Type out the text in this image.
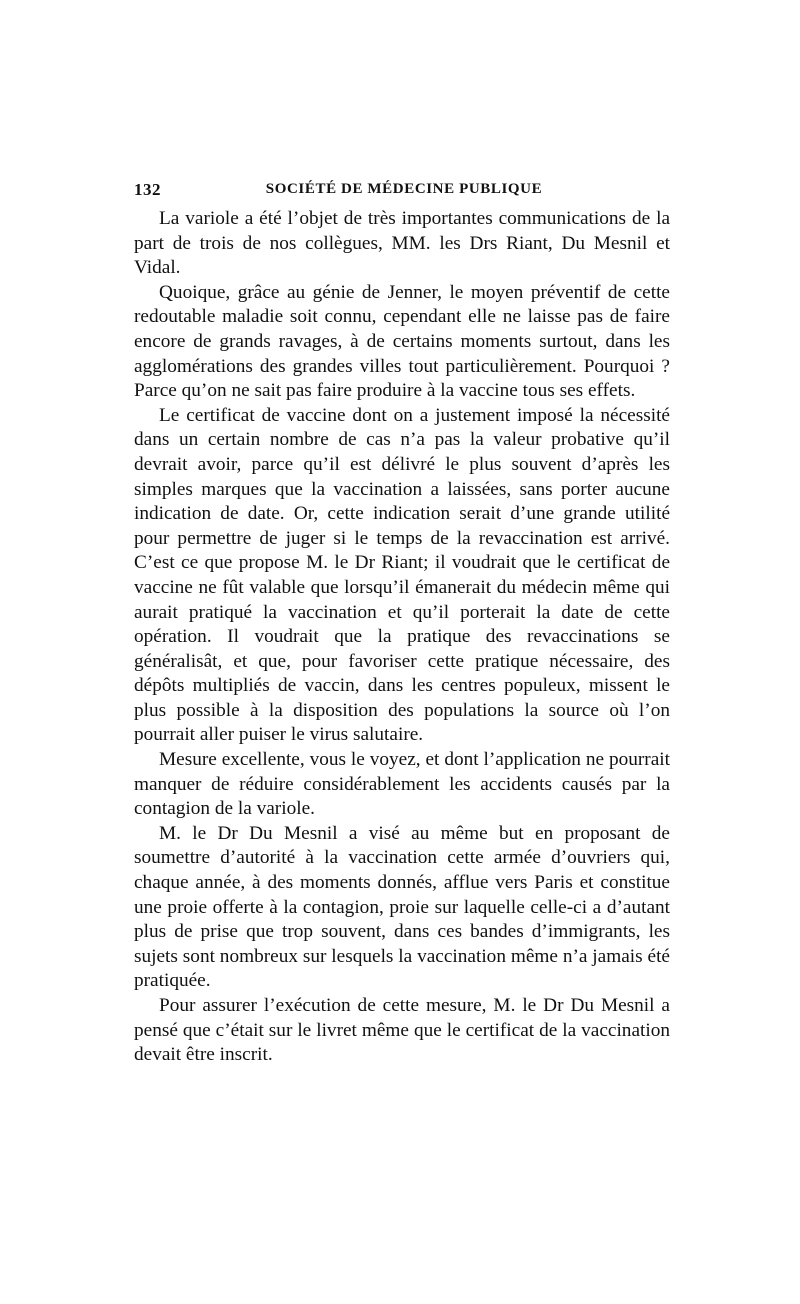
132	SOCIÉTÉ DE MÉDECINE PUBLIQUE

La variole a été l’objet de très importantes communications de la part de trois de nos collègues, MM. les Drs Riant, Du Mesnil et Vidal.

Quoique, grâce au génie de Jenner, le moyen préventif de cette redoutable maladie soit connu, cependant elle ne laisse pas de faire encore de grands ravages, à de certains moments surtout, dans les agglomérations des grandes villes tout particulièrement. Pourquoi ? Parce qu’on ne sait pas faire produire à la vaccine tous ses effets.

Le certificat de vaccine dont on a justement imposé la nécessité dans un certain nombre de cas n’a pas la valeur probative qu’il devrait avoir, parce qu’il est délivré le plus souvent d’après les simples marques que la vaccination a laissées, sans porter aucune indication de date. Or, cette indication serait d’une grande utilité pour permettre de juger si le temps de la revaccination est arrivé. C’est ce que propose M. le Dr Riant; il voudrait que le certificat de vaccine ne fût valable que lorsqu’il émanerait du médecin même qui aurait pratiqué la vaccination et qu’il porterait la date de cette opération. Il voudrait que la pratique des revaccinations se généralisât, et que, pour favoriser cette pratique nécessaire, des dépôts multipliés de vaccin, dans les centres populeux, missent le plus possible à la disposition des populations la source où l’on pourrait aller puiser le virus salutaire.

Mesure excellente, vous le voyez, et dont l’application ne pourrait manquer de réduire considérablement les accidents causés par la contagion de la variole.

M. le Dr Du Mesnil a visé au même but en proposant de soumettre d’autorité à la vaccination cette armée d’ouvriers qui, chaque année, à des moments donnés, afflue vers Paris et constitue une proie offerte à la contagion, proie sur laquelle celle-ci a d’autant plus de prise que trop souvent, dans ces bandes d’immigrants, les sujets sont nombreux sur lesquels la vaccination même n’a jamais été pratiquée.

Pour assurer l’exécution de cette mesure, M. le Dr Du Mesnil a pensé que c’était sur le livret même que le certificat de la vaccination devait être inscrit.
